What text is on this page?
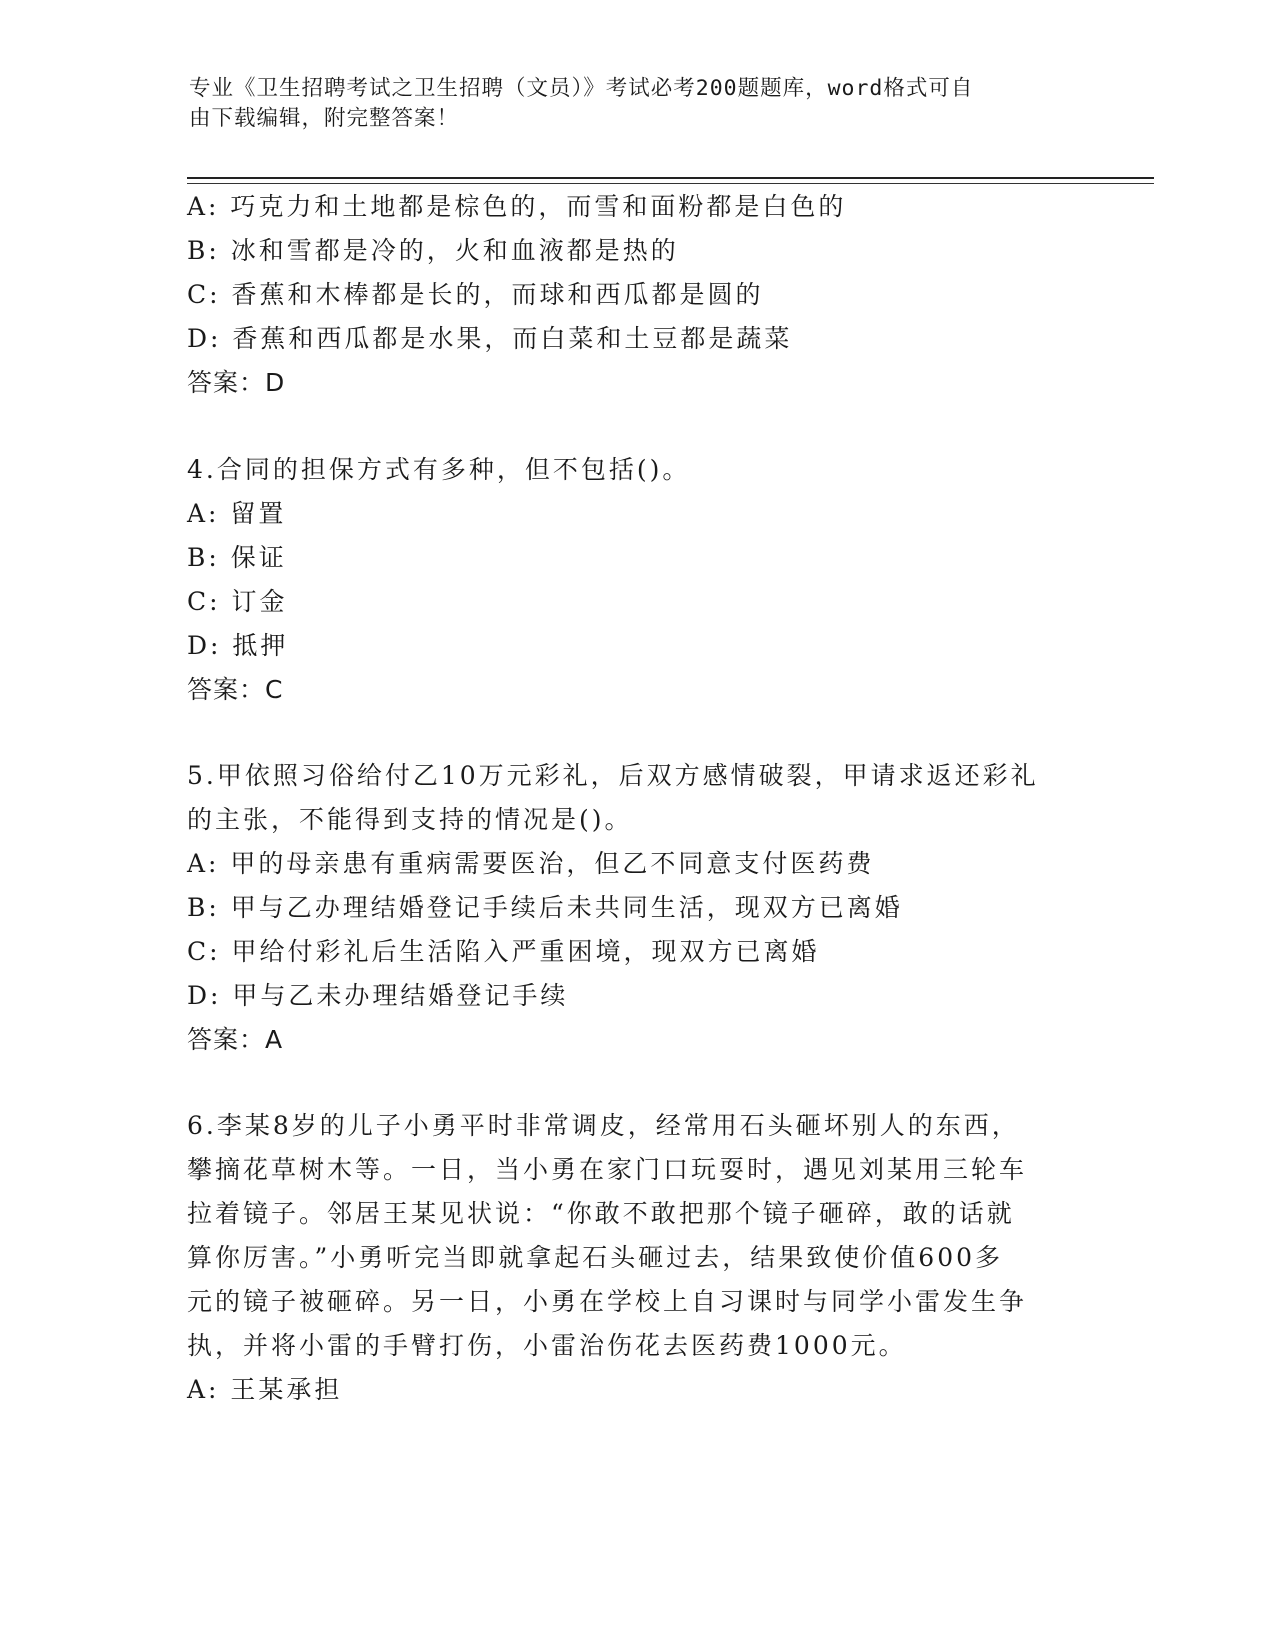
专业《卫生招聘考试之卫生招聘（文员）》考试必考200题题库，word格式可自
由下载编辑，附完整答案！
A: 巧克力和土地都是棕色的，而雪和面粉都是白色的
B: 冰和雪都是冷的，火和血液都是热的
C: 香蕉和木棒都是长的，而球和西瓜都是圆的
D: 香蕉和西瓜都是水果，而白菜和土豆都是蔬菜
答案：D
4.合同的担保方式有多种，但不包括()。
A: 留置
B: 保证
C: 订金
D: 抵押
答案：C
5.甲依照习俗给付乙10万元彩礼，后双方感情破裂，甲请求返还彩礼
的主张，不能得到支持的情况是()。
A: 甲的母亲患有重病需要医治，但乙不同意支付医药费
B: 甲与乙办理结婚登记手续后未共同生活，现双方已离婚
C: 甲给付彩礼后生活陷入严重困境，现双方已离婚
D: 甲与乙未办理结婚登记手续
答案：A
6.李某8岁的儿子小勇平时非常调皮，经常用石头砸坏别人的东西，
攀摘花草树木等。一日，当小勇在家门口玩耍时，遇见刘某用三轮车
拉着镜子。邻居王某见状说：“你敢不敢把那个镜子砸碎，敢的话就
算你厉害。”小勇听完当即就拿起石头砸过去，结果致使价值600多
元的镜子被砸碎。另一日，小勇在学校上自习课时与同学小雷发生争
执，并将小雷的手臂打伤，小雷治伤花去医药费1000元。
A: 王某承担
